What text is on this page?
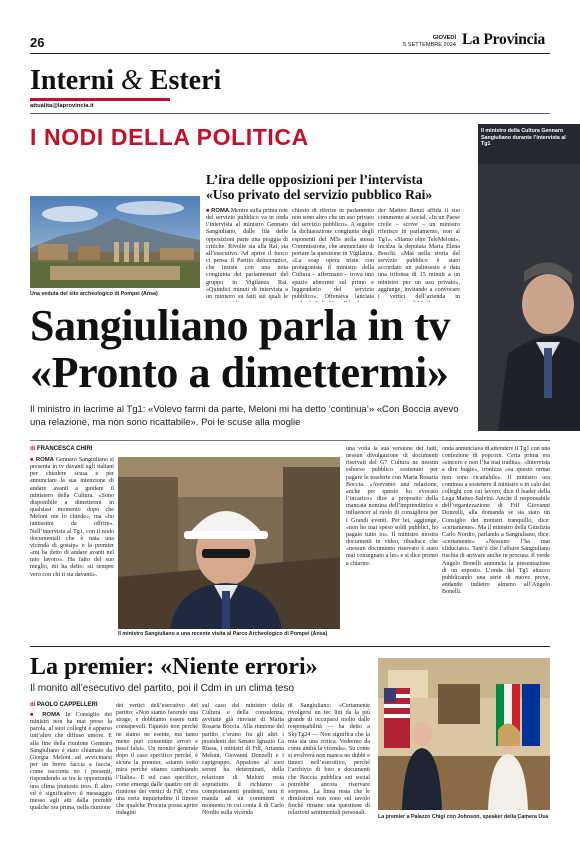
26	GIOVEDÌ
5 SETTEMBRE 2024 La Provincia
Interni & Esteri
attualita@laprovincia.it
I NODI DELLA POLITICA
Una veduta del sito archeologico di Pompei (Ansa)
L’ira delle opposizioni per l’intervista
«Uso privato del servizio pubblico Rai»
■ ROMA Mentre sulla prima rete del servizio pubblico va in onda l’intervista al ministro Gennaro Sangiuliano, dalle fila delle opposizioni parte una pioggia di critiche. Rivolte sia alla Rai, sia all’esecutivo. Ad aprire il fuoco ci pensa il Partito democratico, che insiste con una nota congiunta dei parlamentari del gruppo in Vigilanza Rai. «Quindici minuti di intervista a un ministro su fatti sui quali le
chiesto di riferire in parlamento non sono altro che un uso privato del servizio pubblico». A seguire la dichiarazione congiunta degli esponenti del M5s nella stessa Commissione, che annunciano di portare la questione in Vigilanza. «La soap opera triste con protagonista il ministro della Cultura – affermano – trova uno spazio abnorme sul primo e leggendario del servizio pubblico». Offensiva lanciata
der Matteo Renzi affida il suo commento ai social. «In un Paese civile – scrive – un ministro riferisce in parlamento, non al Tg1». «Siamo oltre TeleMeloni», incalza la deputata Maria Elena Boschi. «Mai nella storia del servizio pubblico è stato accordato un palinsesto e data una trifonsa di 15 minuti a un ministro per un uso privato», aggiunge, invitando a convocare i vertici dell’azienda in
Il ministro della Cultura Gennaro Sangiuliano durante l’intervista al Tg1
Sangiuliano parla in tv
«Pronto a dimettermi»
Il ministro in lacrime al Tg1: «Volevo farmi da parte, Meloni mi ha detto ‘continua’» «Con Boccia avevo una relazione, ma non sono ricattabile». Poi le scuse alla moglie
di FRANCESCA CHIRI
■ ROMA Gennaro Sangiuliano si presenta in tv davanti agli italiani per chiedere scusa e per annunciare la sua intenzione di andare avanti a guidare il ministero della Cultura. «Sono disponibile a dimettermi in qualsiasi momento dopo che Meloni me lo chiede», ma «ho tantissimi da offrire». Nell’intervista al Tg1, con il nodo documentali che è nata una vicenda di gossip» e la premier «mi ha detto di andare avanti nel mio lavoro». Ha fatto del suo meglio, mi ha detto: sii sempre vero con chi ti sta davanti».
Il ministro Sangiuliano a una recente visita al Parco Archeologico di Pompei (Ansa)
una volta la sua versione dei fatti, nessun divulgazione di documenti riservati del G7 Cultura ne nessun esborso pubblico sostenuto per pagare le trasferte con Maria Rosaria Boccia. «Avevamo una relazione, anche per questo ho evocato l’incarico» dice a proposito della mancata nomina dell’imprenditrice e influencer al ruolo di consigliera per i Grandi eventi. Per lei, aggiunge, «non ho mai speso soldi pubblici, ho pagato tutto io». Il ministro mostra documenti in video, ribadisce che «nessun documento riservato è stato mai consegnato a lei» e si dice pronto a chiarire.
onda annunciava di attendere il Tg1 con una confezione di popcorn. Certa prima era «sincero e non l’ha mai tradita». «Intervista a dire bugie», ironizza «su questo ormai non sono ricattabile». Il ministro ora continua a sostenere il ministro e in calo dei colleghi con cui lavoro, dice il leader della Lega Matteo Salvini. Anche il responsabile dell’organizzazione di FdI Giovanni Donzelli, alla domanda se sia stato un Consiglio dei ministri tranquillo, dice: «certamente». Ma il ministro della Giustizia Carlo Nordio, parlando a Sangiuliano, dice: «certamente» «Nessuno l’ha mai sfiduciato». Tant’è che l’affaire Sangiuliano rischia di arrivare anche in procura. Il verde Angelo Bonelli annuncia la presentazione di un esposto. L’onda del Tg1 attacco pubblicando una serie di nuove prove, andando indietro almeno all’Angelo Bonelli.
La premier: «Niente errori»
Il monito all’esecutivo del partito, poi il Cdm in un clima teso
di PAOLO CAPPELLERI
■ ROMA In Consiglio dei ministri non ha mai preso la parola, al suoi colleghi è apparso tutt’altro che diffuso umore. E alla fine della riunione Gennaro Sangiuliano è stato chiamato da Giorgia Meloni ad avvicinarsi per un breve faccia a faccia, come racconta no i presenti, rispondendo se tra le opportunità una clima piuttosto teso. È altro ed è significativo il messaggio messo agli atti dalla premier qualche ora prima, nella riunione
dei vertici dell’esecutivo del partito: «Non siamo facendo una strage, e dobbiamo essere tutti consapevoli. Equesto non perché ne siamo ne esente, ma tanto meno può consentire errori e passi falsi». Un monito generale dopo il caso specifico perché, è sicura la premier, «siamo sotto mira perché stiamo cambiando l’Italia». E sul caso specifico, come emerge dalle quattro ore di riunione dei vertici di FdI, c’era una certa inquietudine il timore che qualche Procura possa aprire indagini
sul caso del ministro della Cultura e della consulenza, avvitate già rinviate di Maria Rosaria Boccia. Alla riunione del partito c’erano fra gli altri i presidenti dei Senato Ignazio La Russa, i ministri di FdI, Arianna Meloni, Giovanni Donzelli e i capigruppo. Appaiono al suoi sereni ha determinati, della relazione di Meloni resta soprattutto il richiamo a comportamenti prudenti, non ti manda ad un commenti e momento in cui conta il di Carlo Nordio sulla vicenda
di Sangiuliano: «Certamente rivolgersi un tec lini da la più grande di occuparsi molto dalle responsabilità — ha detto a SkyTg24 — Non significa che la mia sia una critica. Vedremo da come andrà la vicenda». Su come si evolverà non manca no dubbi e timori nell’esecutivo, perché l’archivio di foto e documenti che Boccia pubblica sui social potrebbe ancora riservare sorprese. La linea resta che le dimissioni non sono sul tavolo finché rimane una questione di relazioni sentimentali personali.
La premier a Palazzo Chigi con Johnson, speaker della Camera Usa
